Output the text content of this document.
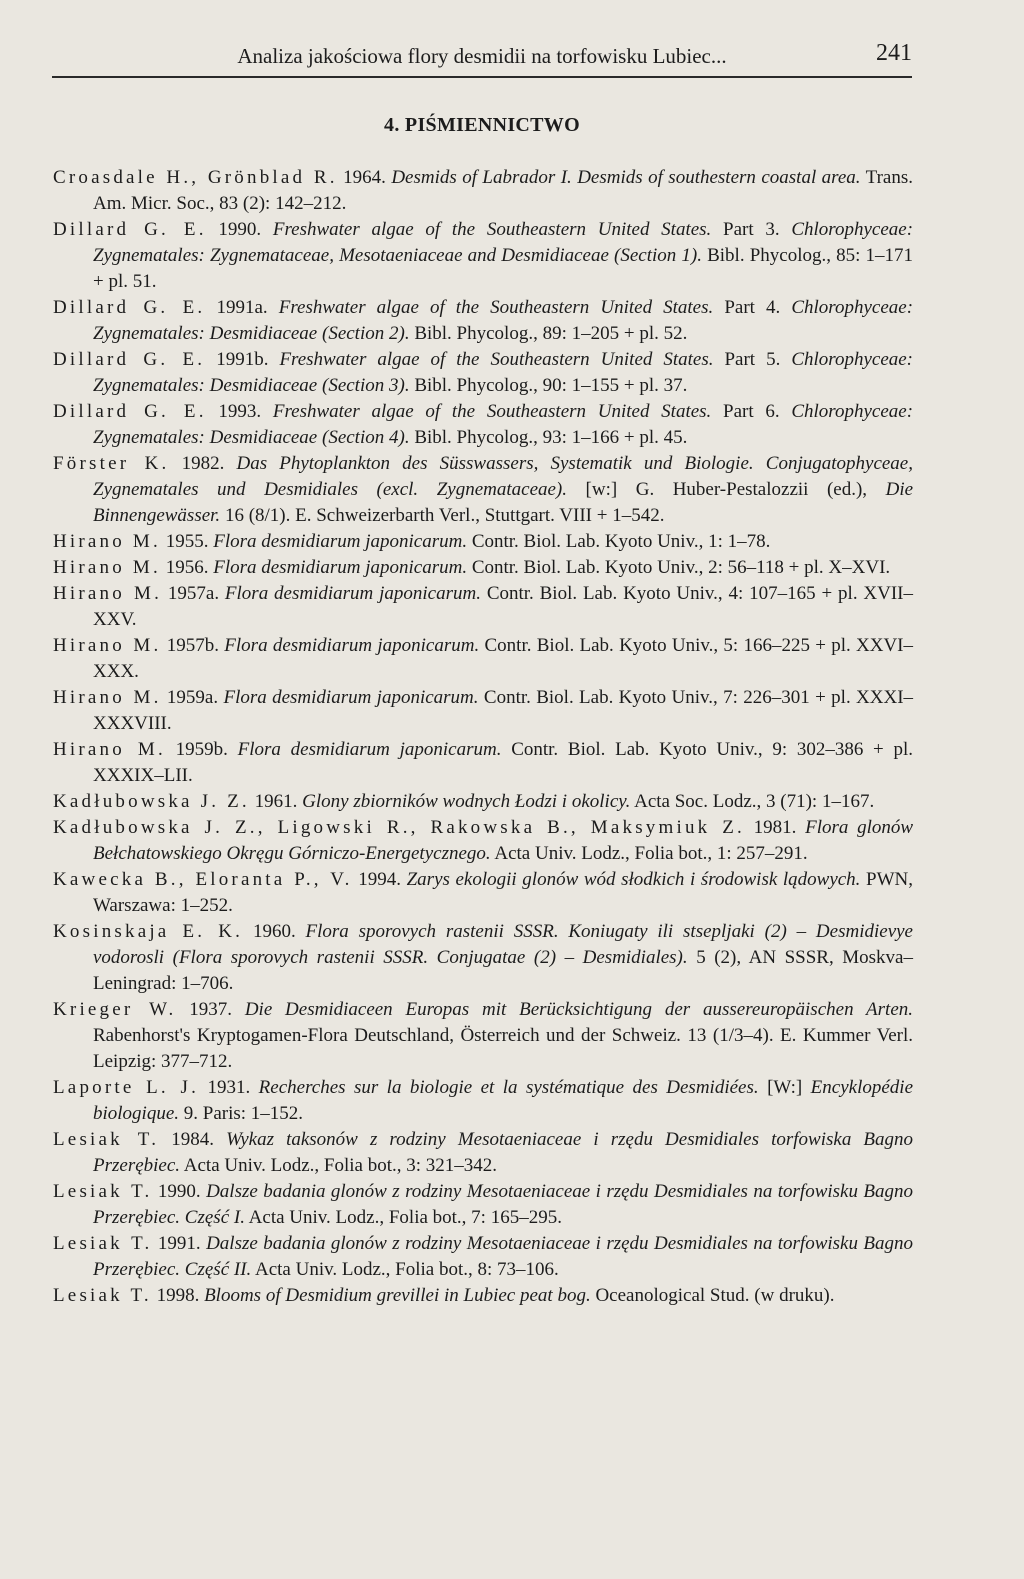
Analiza jakościowa flory desmidii na torfowisku Lubiec...	241
4. PIŚMIENNICTWO
Croasdale H., Grönblad R. 1964. Desmids of Labrador I. Desmids of southestern coastal area. Trans. Am. Micr. Soc., 83 (2): 142–212.
Dillard G. E. 1990. Freshwater algae of the Southeastern United States. Part 3. Chlorophyceae: Zygnematales: Zygnemataceae, Mesotaeniaceae and Desmidiaceae (Section 1). Bibl. Phycolog., 85: 1–171 + pl. 51.
Dillard G. E. 1991a. Freshwater algae of the Southeastern United States. Part 4. Chlorophyceae: Zygnematales: Desmidiaceae (Section 2). Bibl. Phycolog., 89: 1–205 + pl. 52.
Dillard G. E. 1991b. Freshwater algae of the Southeastern United States. Part 5. Chlorophyceae: Zygnematales: Desmidiaceae (Section 3). Bibl. Phycolog., 90: 1–155 + pl. 37.
Dillard G. E. 1993. Freshwater algae of the Southeastern United States. Part 6. Chlorophyceae: Zygnematales: Desmidiaceae (Section 4). Bibl. Phycolog., 93: 1–166 + pl. 45.
Förster K. 1982. Das Phytoplankton des Süsswassers, Systematik und Biologie. Conjugatophyceae, Zygnematales und Desmidiales (excl. Zygnemataceae). [w:] G. Huber-Pestalozzii (ed.), Die Binnengewässer. 16 (8/1). E. Schweizerbarth Verl., Stuttgart. VIII + 1–542.
Hirano M. 1955. Flora desmidiarum japonicarum. Contr. Biol. Lab. Kyoto Univ., 1: 1–78.
Hirano M. 1956. Flora desmidiarum japonicarum. Contr. Biol. Lab. Kyoto Univ., 2: 56–118 + pl. X–XVI.
Hirano M. 1957a. Flora desmidiarum japonicarum. Contr. Biol. Lab. Kyoto Univ., 4: 107–165 + pl. XVII–XXV.
Hirano M. 1957b. Flora desmidiarum japonicarum. Contr. Biol. Lab. Kyoto Univ., 5: 166–225 + pl. XXVI–XXX.
Hirano M. 1959a. Flora desmidiarum japonicarum. Contr. Biol. Lab. Kyoto Univ., 7: 226–301 + pl. XXXI–XXXVIII.
Hirano M. 1959b. Flora desmidiarum japonicarum. Contr. Biol. Lab. Kyoto Univ., 9: 302–386 + pl. XXXIX–LII.
Kadłubowska J. Z. 1961. Glony zbiorników wodnych Łodzi i okolicy. Acta Soc. Lodz., 3 (71): 1–167.
Kadłubowska J. Z., Ligowski R., Rakowska B., Maksymiuk Z. 1981. Flora glonów Bełchatowskiego Okręgu Górniczo-Energetycznego. Acta Univ. Lodz., Folia bot., 1: 257–291.
Kawecka B., Eloranta P., V. 1994. Zarys ekologii glonów wód słodkich i środowisk lądowych. PWN, Warszawa: 1–252.
Kosinskaja E. K. 1960. Flora sporovych rastenii SSSR. Koniugaty ili stsepljaki (2) – Desmidievye vodorosli (Flora sporovych rastenii SSSR. Conjugatae (2) – Desmidiales). 5 (2), AN SSSR, Moskva–Leningrad: 1–706.
Krieger W. 1937. Die Desmidiaceen Europas mit Berücksichtigung der aussereuropäischen Arten. Rabenhorst's Kryptogamen-Flora Deutschland, Österreich und der Schweiz. 13 (1/3–4). E. Kummer Verl. Leipzig: 377–712.
Laporte L. J. 1931. Recherches sur la biologie et la systématique des Desmidiées. [W:] Encyklopédie biologique. 9. Paris: 1–152.
Lesiak T. 1984. Wykaz taksonów z rodziny Mesotaeniaceae i rzędu Desmidiales torfowiska Bagno Przerębiec. Acta Univ. Lodz., Folia bot., 3: 321–342.
Lesiak T. 1990. Dalsze badania glonów z rodziny Mesotaeniaceae i rzędu Desmidiales na torfowisku Bagno Przerębiec. Część I. Acta Univ. Lodz., Folia bot., 7: 165–295.
Lesiak T. 1991. Dalsze badania glonów z rodziny Mesotaeniaceae i rzędu Desmidiales na torfowisku Bagno Przerębiec. Część II. Acta Univ. Lodz., Folia bot., 8: 73–106.
Lesiak T. 1998. Blooms of Desmidium grevillei in Lubiec peat bog. Oceanological Stud. (w druku).
